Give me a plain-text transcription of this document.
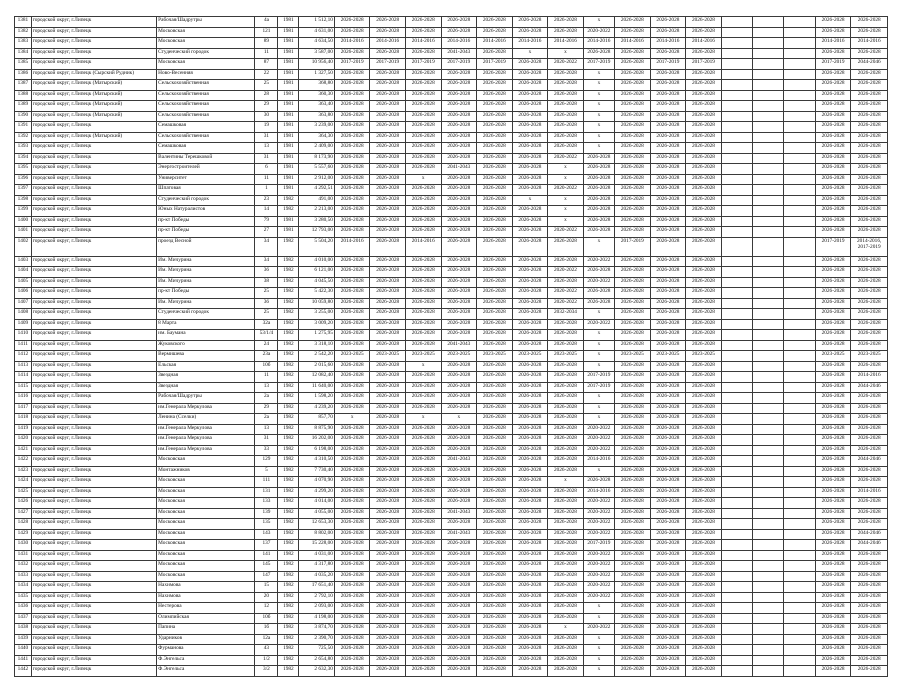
1381	городской округ, г.Липецк	Рабочая/Шадрутры	4а	1981	1 512,10	2026-2028	2026-2028	2026-2028	2026-2028	2026-2028	2026-2028	2026-2028	x	2026-2028	2026-2028	2026-2028				2026-2028	2026-2028
1382	городской округ, г.Липецк	Московская	121	1981	4 631,00	2026-2028	2026-2028	2026-2028	2026-2028	2026-2028	2026-2028	2026-2028	2020-2022	2026-2028	2026-2028	2026-2028				2026-2028	2026-2028
1383	городской округ, г.Липецк	Московская	89	1981	4 634,50	2014-2016	2014-2016	2014-2016	2014-2016	2014-2016	2014-2016	2014-2016	2014-2016	2014-2016	2014-2016	2014-2016				2014-2016	2014-2016
1384	городской округ, г.Липецк	Студенческий городок	11	1981	3 587,00	2026-2028	2026-2028	2026-2028	2041-2043	2026-2028	x	x	2026-2028	2026-2028	2026-2028	2026-2028				2026-2028	2026-2028
1385	городской округ, г.Липецк	Московская	87	1981	10 956,40	2017-2019	2017-2019	2017-2019	2017-2019	2017-2019	2026-2028	2020-2022	2017-2019	2026-2028	2017-2019	2017-2019				2017-2019	2044-2046
1386	городской округ, г.Липецк (Сырский Рудник)	Ново-Весенняя	22	1981	1 327,50	2026-2028	2026-2028	2026-2028	2026-2028	2026-2028	2026-2028	2026-2028	x	2026-2028	2026-2028	2026-2028				2026-2028	2026-2028
1387	городской округ, г.Липецк (Матырский)	Сельскохозяйственная	25	1981	368,80	2026-2028	2026-2028	2026-2028	2026-2028	2026-2028	2026-2028	2026-2028	x	2026-2028	2026-2028	2026-2028				2026-2028	2026-2028
1388	городской округ, г.Липецк (Матырский)	Сельскохозяйственная	28	1981	360,30	2026-2028	2026-2028	2026-2028	2026-2028	2026-2028	2026-2028	2026-2028	x	2026-2028	2026-2028	2026-2028				2026-2028	2026-2028
1389	городской округ, г.Липецк (Матырский)	Сельскохозяйственная	29	1981	363,40	2026-2028	2026-2028	2026-2028	2026-2028	2026-2028	2026-2028	2026-2028	x	2026-2028	2026-2028	2026-2028				2026-2028	2026-2028
1390	городской округ, г.Липецк (Матырский)	Сельскохозяйственная	30	1981	363,80	2026-2028	2026-2028	2026-2028	2026-2028	2026-2028	2026-2028	2026-2028	x	2026-2028	2026-2028	2026-2028				2026-2028	2026-2028
1391	городской округ, г.Липецк	Семашковая	19	1981	3 239,00	2026-2028	2026-2028	2026-2028	2026-2028	2026-2028	2026-2028	2026-2028	x	2026-2028	2026-2028	2026-2028				2026-2028	2026-2028
1392	городской округ, г.Липецк (Матырский)	Сельскохозяйственная	31	1981	364,30	2026-2028	2026-2028	2026-2028	2026-2028	2026-2028	2026-2028	2026-2028	x	2026-2028	2026-2028	2026-2028				2026-2028	2026-2028
1393	городской округ, г.Липецк	Семашковая	13	1981	2 409,00	2026-2028	2026-2028	2026-2028	2026-2028	2026-2028	2026-2028	2026-2028	x	2026-2028	2026-2028	2026-2028				2026-2028	2026-2028
1394	городской округ, г.Липецк	Валентины Терешковой	31	1981	8 173,90	2026-2028	2026-2028	2026-2028	2026-2028	2026-2028	2026-2028	2020-2022	2026-2028	2026-2028	2026-2028	2026-2028				2026-2028	2026-2028
1395	городской округ, г.Липецк	Энергостроителей	6	1981	5 557,60	2026-2028	2026-2028	2026-2028	2041-2043	2026-2028	2026-2028	x	2026-2028	2026-2028	2026-2028	2026-2028				2026-2028	2026-2028
1396	городской округ, г.Липецк	Университет	11	1981	2 912,00	2026-2028	2026-2028	x	2026-2028	2026-2028	2026-2028	x	2026-2028	2026-2028	2026-2028	2026-2028				2026-2028	2026-2028
1397	городской округ, г.Липецк	Шпатовая	1	1981	4 292,51	2026-2028	2026-2028	2026-2028	2026-2028	2026-2028	2026-2028	2020-2022	2026-2028	2026-2028	2026-2028	2026-2028				2026-2028	2026-2028
1398	городской округ, г.Липецк	Студенческий городок	23	1982	491,00	2026-2028	2026-2028	2026-2028	2026-2028	2026-2028	x	x	2026-2028	2026-2028	2026-2028	2026-2028				2026-2028	2026-2028
1399	городской округ, г.Липецк	Юных Натуралистов	14	1982	2 213,00	2026-2028	2026-2028	2026-2028	2026-2028	2026-2028	2026-2028	x	2026-2028	2026-2028	2026-2028	2026-2028				2026-2028	2026-2028
1400	городской округ, г.Липецк	пр-кт Победы	79	1981	3 280,50	2026-2028	2026-2028	2026-2028	2026-2028	2026-2028	2026-2028	x	2026-2028	2026-2028	2026-2028	2026-2028				2026-2028	2026-2028
1401	городской округ, г.Липецк	пр-кт Победы	27	1981	12 793,00	2026-2028	2026-2028	2026-2028	2026-2028	2026-2028	2026-2028	2020-2022	2026-2028	2026-2028	2026-2028	2026-2028				2026-2028	2026-2028
1402	городской округ, г.Липецк	проезд Весной	34	1982	5 504,20	2014-2016	2026-2028	2014-2016	2026-2028	2026-2028	2026-2028	2026-2028	x	2017-2019	2026-2028	2026-2028				2017-2019	2014-2016, 2017-2019
1403	городской округ, г.Липецк	Им. Мичурина	34	1982	4 010,00	2026-2028	2026-2028	2026-2028	2026-2028	2026-2028	2026-2028	2026-2028	2020-2022	2026-2028	2026-2028	2026-2028				2026-2028	2026-2028
1404	городской округ, г.Липецк	Им. Мичурина	36	1982	6 121,00	2026-2028	2026-2028	2026-2028	2026-2028	2026-2028	2026-2028	2020-2022	2026-2028	2026-2028	2026-2028	2026-2028				2026-2028	2026-2028
1405	городской округ, г.Липецк	Им. Мичурина	38	1982	4 045,50	2026-2028	2026-2028	2026-2028	2026-2028	2026-2028	2026-2028	2026-2028	2020-2022	2026-2028	2026-2028	2026-2028				2026-2028	2026-2028
1406	городской округ, г.Липецк	пр-кт Победы	25	1982	5 422,30	2026-2028	2026-2028	2026-2028	2026-2028	2026-2028	2026-2028	2020-2022	2026-2028	2026-2028	2026-2028	2026-2028				2026-2028	2026-2028
1407	городской округ, г.Липецк	Им. Мичурина	36	1982	10 059,80	2026-2028	2026-2028	2026-2028	2026-2028	2026-2028	2026-2028	2020-2022	2026-2028	2026-2028	2026-2028	2026-2028				2026-2028	2026-2028
1408	городской округ, г.Липецк	Студенческий городок	25	1982	3 255,00	2026-2028	2026-2028	2026-2028	2026-2028	2026-2028	2026-2028	2032-2034	x	2026-2028	2026-2028	2026-2028				2026-2028	2026-2028
1409	городской округ, г.Липецк	8 Марта	32а	1982	3 009,20	2026-2028	2026-2028	2026-2028	2026-2028	2026-2028	2026-2028	2026-2028	2020-2022	2026-2028	2026-2028	2026-2028				2026-2028	2026-2028
1410	городской округ, г.Липецк	им. Баумана	53/1/4	1982	1 275,95	2026-2028	2026-2028	2026-2028	2026-2028	2026-2028	2026-2028	2026-2028	x	2026-2028	2026-2028	2026-2028				2026-2028	2026-2028
1411	городской округ, г.Липецк	Жуковского	24	1982	3 318,10	2026-2028	2026-2028	2026-2028	2041-2043	2026-2028	2026-2028	2026-2028	x	2026-2028	2026-2028	2026-2028				2026-2028	2026-2028
1412	городской округ, г.Липецк	Вермишева	23а	1982	2 542,20	2023-2025	2023-2025	2023-2025	2023-2025	2023-2025	2023-2025	2023-2025	x	2023-2025	2023-2025	2023-2025				2023-2025	2023-2025
1413	городской округ, г.Липецк	Ельская	10б	1982	2 015,60	2026-2028	2026-2028	x	2026-2028	2026-2028	2026-2028	2026-2028	x	2026-2028	2026-2028	2026-2028				2026-2028	2026-2028
1414	городской округ, г.Липецк	Звездная	11	1982	12 082,40	2026-2028	2026-2028	2026-2028	2026-2028	2026-2028	2026-2028	2026-2028	2017-2019	2026-2028	2026-2028	2026-2028				2026-2028	2014-2016
1415	городской округ, г.Липецк	Звездная	13	1982	11 640,00	2026-2028	2026-2028	2026-2028	2026-2028	2026-2028	2026-2028	2026-2028	2017-2019	2026-2028	2026-2028	2026-2028				2026-2028	2044-2046
1416	городской округ, г.Липецк	Рабочая/Шадрутры	2а	1982	1 598,20	2026-2028	2026-2028	2026-2028	2026-2028	2026-2028	2026-2028	2026-2028	x	2026-2028	2026-2028	2026-2028				2026-2028	2026-2028
1417	городской округ, г.Липецк	им.Генерала Меркулова	29	1982	4 239,20	2026-2028	2026-2028	2026-2028	2026-2028	2026-2028	2026-2028	2026-2028	x	2026-2028	2026-2028	2026-2028				2026-2028	2026-2028
1418	городской округ, г.Липецк	Ленина (Сселки)	2а	1982	857,70	x	2026-2028	x	x	2026-2028	2026-2028	2026-2028	x	2026-2028	2026-2028	2026-2028				2026-2028	2026-2028
1419	городской округ, г.Липецк	им.Генерала Меркулова	13	1982	8 875,90	2026-2028	2026-2028	2026-2028	2026-2028	2026-2028	2026-2028	2026-2028	2020-2022	2026-2028	2026-2028	2026-2028				2026-2028	2026-2028
1420	городской округ, г.Липецк	им.Генерала Меркулова	31	1982	16 202,00	2026-2028	2026-2028	2026-2028	2026-2028	2026-2028	2026-2028	2026-2028	2020-2022	2026-2028	2026-2028	2026-2028				2026-2028	2026-2028
1421	городской округ, г.Липецк	им.Генерала Меркулова	33	1982	6 198,00	2026-2028	2026-2028	2026-2028	2026-2028	2026-2028	2026-2028	2026-2028	2020-2022	2026-2028	2026-2028	2026-2028				2026-2028	2026-2028
1422	городской округ, г.Липецк	Московская	129	1982	4 310,50	2026-2028	2026-2028	2026-2028	2041-2043	2026-2028	2026-2028	2026-2028	2014-2016	2026-2028	2026-2028	2026-2028				2026-2028	2044-2046
1423	городской округ, г.Липецк	Монтажников	5	1982	7 730,40	2026-2028	2026-2028	2026-2028	2026-2028	2026-2028	2026-2028	2026-2028	x	2026-2028	2026-2028	2026-2028				2026-2028	2026-2028
1424	городской округ, г.Липецк	Московская	111	1982	4 070,90	2026-2028	2026-2028	2026-2028	2026-2028	2026-2028	2026-2028	x	2026-2028	2026-2028	2026-2028	2026-2028				2026-2028	2026-2028
1425	городской округ, г.Липецк	Московская	131	1982	4 299,20	2026-2028	2026-2028	2026-2028	2026-2028	2026-2028	2026-2028	2026-2028	2014-2016	2026-2028	2026-2028	2026-2028				2026-2028	2014-2016
1426	городской округ, г.Липецк	Московская	133	1982	4 014,00	2026-2028	2026-2028	2026-2028	2026-2028	2026-2028	2026-2028	2026-2028	2020-2022	2026-2028	2026-2028	2026-2028				2026-2028	2026-2028
1427	городской округ, г.Липецк	Московская	139	1982	4 055,00	2026-2028	2026-2028	2026-2028	2041-2043	2026-2028	2026-2028	2026-2028	2020-2022	2026-2028	2026-2028	2026-2028				2026-2028	2026-2028
1428	городской округ, г.Липецк	Московская	135	1982	12 653,30	2026-2028	2026-2028	2026-2028	2026-2028	2026-2028	2026-2028	2026-2028	2020-2022	2026-2028	2026-2028	2026-2028				2026-2028	2026-2028
1429	городской округ, г.Липецк	Московская	143	1982	8 802,00	2026-2028	2026-2028	2026-2028	2041-2043	2026-2028	2026-2028	2026-2028	2020-2022	2026-2028	2026-2028	2026-2028				2026-2028	2044-2046
1430	городской округ, г.Липецк	Московская	137	1982	15 228,00	2026-2028	2026-2028	2026-2028	2026-2028	2026-2028	2026-2028	2026-2028	2017-2019	2026-2028	2026-2028	2026-2028				2026-2028	2044-2046
1431	городской округ, г.Липецк	Московская	141	1982	4 031,00	2026-2028	2026-2028	2026-2028	2026-2028	2026-2028	2026-2028	2026-2028	2020-2022	2026-2028	2026-2028	2026-2028				2026-2028	2026-2028
1432	городской округ, г.Липецк	Московская	145	1982	4 317,80	2026-2028	2026-2028	2026-2028	2026-2028	2026-2028	2026-2028	2026-2028	2020-2022	2026-2028	2026-2028	2026-2028				2026-2028	2026-2028
1433	городской округ, г.Липецк	Московская	147	1982	4 035,20	2026-2028	2026-2028	2026-2028	2026-2028	2026-2028	2026-2028	2026-2028	2020-2022	2026-2028	2026-2028	2026-2028				2026-2028	2026-2028
1434	городской округ, г.Липецк	Нахимова	15	1982	17 651,40	2026-2028	2026-2028	2026-2028	2026-2028	2026-2028	2026-2028	2026-2028	2020-2022	2026-2028	2026-2028	2026-2028				2026-2028	2026-2028
1435	городской округ, г.Липецк	Нахимова	20	1982	2 792,10	2026-2028	2026-2028	2026-2028	2026-2028	2026-2028	2026-2028	2026-2028	2020-2022	2026-2028	2026-2028	2026-2028				2026-2028	2026-2028
1436	городской округ, г.Липецк	Нестерова	12	1982	2 093,00	2026-2028	2026-2028	2026-2028	2026-2028	2026-2028	2026-2028	2026-2028	x	2026-2028	2026-2028	2026-2028				2026-2028	2026-2028
1437	городской округ, г.Липецк	Олимпийская	10б	1982	4 198,00	2026-2028	2026-2028	2026-2028	2026-2028	2026-2028	2026-2028	2026-2028	x	2026-2028	2026-2028	2026-2028				2026-2028	2026-2028
1438	городской округ, г.Липецк	Папина	1б	1982	3 874,70	2026-2028	2026-2028	2026-2028	2026-2028	2026-2028	2026-2028	x	2020-2022	2026-2028	2026-2028	2026-2028				2026-2028	2026-2028
1439	городской округ, г.Липецк	Ударников	12а	1982	2 390,70	2026-2028	2026-2028	2026-2028	2026-2028	2026-2028	2026-2028	2026-2028	x	2026-2028	2026-2028	2026-2028				2026-2028	2026-2028
1440	городской округ, г.Липецк	Фурманова	43	1982	725,50	2026-2028	2026-2028	2026-2028	2026-2028	2026-2028	2026-2028	2026-2028	x	2026-2028	2026-2028	2026-2028				2026-2028	2026-2028
1441	городской округ, г.Липецк	Ф.Энгельса	1/2	1982	2 654,80	2026-2028	2026-2028	2026-2028	2026-2028	2026-2028	2026-2028	2026-2028	x	2026-2028	2026-2028	2026-2028				2026-2028	2026-2028
1442	городской округ, г.Липецк	Ф.Энгельса	3/2	1982	2 632,30	2026-2028	2026-2028	2026-2028	2026-2028	2026-2028	2026-2028	2026-2028	x	2026-2028	2026-2028	2026-2028				2026-2028	2026-2028
